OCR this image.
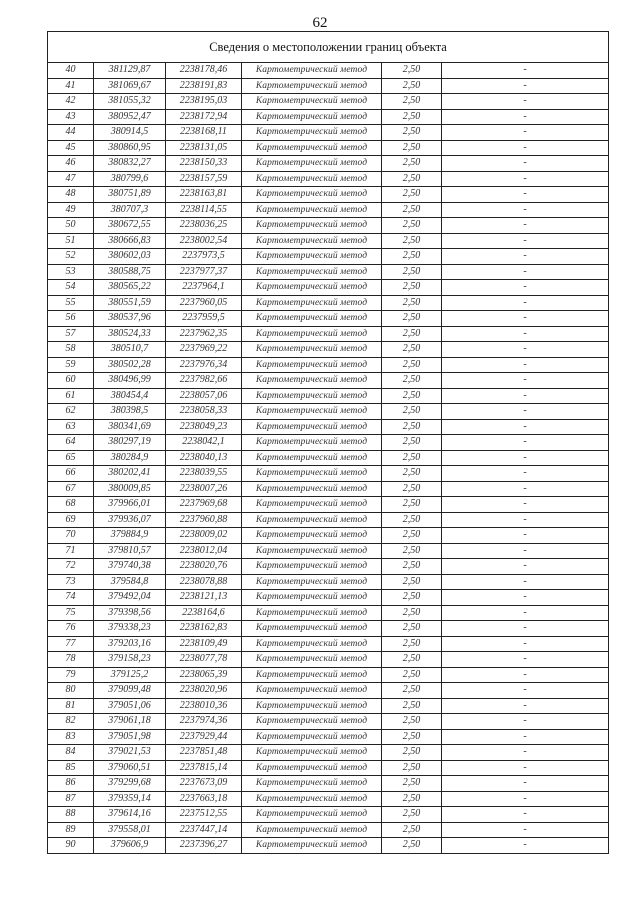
62
Сведения о местоположении границ объекта					
40	381129,87	2238178,46	Картометрический метод	2,50	-
41	381069,67	2238191,83	Картометрический метод	2,50	-
42	381055,32	2238195,03	Картометрический метод	2,50	-
43	380952,47	2238172,94	Картометрический метод	2,50	-
44	380914,5	2238168,11	Картометрический метод	2,50	-
45	380860,95	2238131,05	Картометрический метод	2,50	-
46	380832,27	2238150,33	Картометрический метод	2,50	-
47	380799,6	2238157,59	Картометрический метод	2,50	-
48	380751,89	2238163,81	Картометрический метод	2,50	-
49	380707,3	2238114,55	Картометрический метод	2,50	-
50	380672,55	2238036,25	Картометрический метод	2,50	-
51	380666,83	2238002,54	Картометрический метод	2,50	-
52	380602,03	2237973,5	Картометрический метод	2,50	-
53	380588,75	2237977,37	Картометрический метод	2,50	-
54	380565,22	2237964,1	Картометрический метод	2,50	-
55	380551,59	2237960,05	Картометрический метод	2,50	-
56	380537,96	2237959,5	Картометрический метод	2,50	-
57	380524,33	2237962,35	Картометрический метод	2,50	-
58	380510,7	2237969,22	Картометрический метод	2,50	-
59	380502,28	2237976,34	Картометрический метод	2,50	-
60	380496,99	2237982,66	Картометрический метод	2,50	-
61	380454,4	2238057,06	Картометрический метод	2,50	-
62	380398,5	2238058,33	Картометрический метод	2,50	-
63	380341,69	2238049,23	Картометрический метод	2,50	-
64	380297,19	2238042,1	Картометрический метод	2,50	-
65	380284,9	2238040,13	Картометрический метод	2,50	-
66	380202,41	2238039,55	Картометрический метод	2,50	-
67	380009,85	2238007,26	Картометрический метод	2,50	-
68	379966,01	2237969,68	Картометрический метод	2,50	-
69	379936,07	2237960,88	Картометрический метод	2,50	-
70	379884,9	2238009,02	Картометрический метод	2,50	-
71	379810,57	2238012,04	Картометрический метод	2,50	-
72	379740,38	2238020,76	Картометрический метод	2,50	-
73	379584,8	2238078,88	Картометрический метод	2,50	-
74	379492,04	2238121,13	Картометрический метод	2,50	-
75	379398,56	2238164,6	Картометрический метод	2,50	-
76	379338,23	2238162,83	Картометрический метод	2,50	-
77	379203,16	2238109,49	Картометрический метод	2,50	-
78	379158,23	2238077,78	Картометрический метод	2,50	-
79	379125,2	2238065,39	Картометрический метод	2,50	-
80	379099,48	2238020,96	Картометрический метод	2,50	-
81	379051,06	2238010,36	Картометрический метод	2,50	-
82	379061,18	2237974,36	Картометрический метод	2,50	-
83	379051,98	2237929,44	Картометрический метод	2,50	-
84	379021,53	2237851,48	Картометрический метод	2,50	-
85	379060,51	2237815,14	Картометрический метод	2,50	-
86	379299,68	2237673,09	Картометрический метод	2,50	-
87	379359,14	2237663,18	Картометрический метод	2,50	-
88	379614,16	2237512,55	Картометрический метод	2,50	-
89	379558,01	2237447,14	Картометрический метод	2,50	-
90	379606,9	2237396,27	Картометрический метод	2,50	-
